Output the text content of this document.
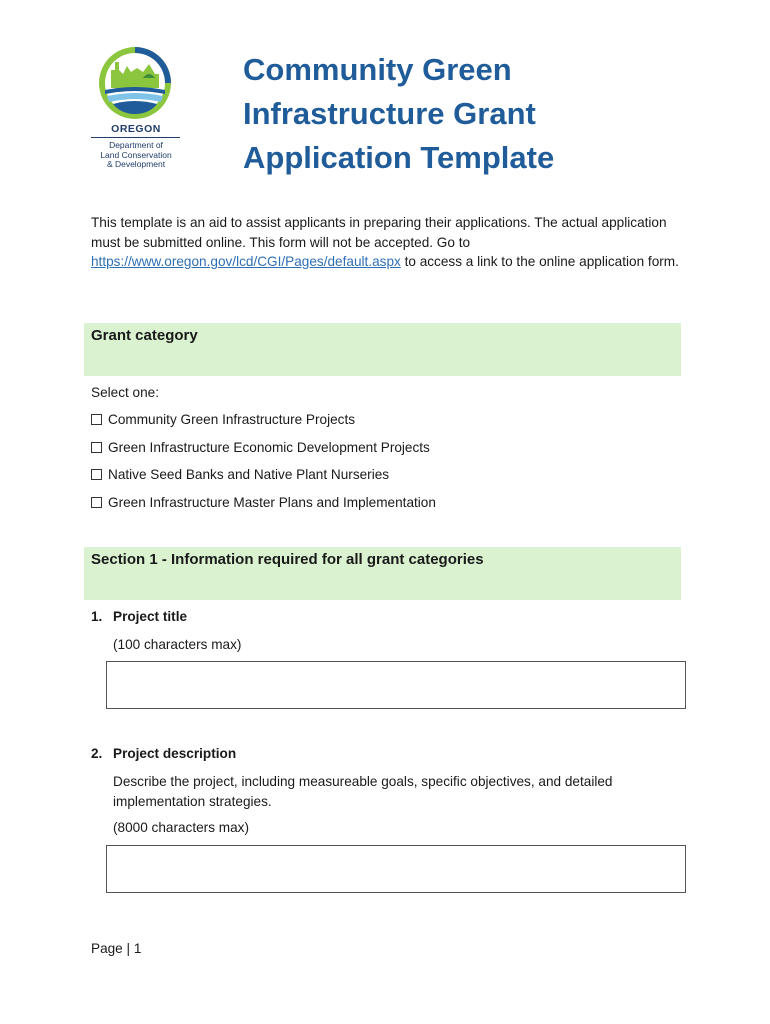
OREGON
Department of
Land Conservation
& Development
Community Green
Infrastructure Grant
Application Template

This template is an aid to assist applicants in preparing their applications. The actual application must be submitted online. This form will not be accepted. Go to https://www.oregon.gov/lcd/CGI/Pages/default.aspx to access a link to the online application form.

Grant category
Select one:
Community Green Infrastructure Projects
Green Infrastructure Economic Development Projects
Native Seed Banks and Native Plant Nurseries
Green Infrastructure Master Plans and Implementation
Section 1 - Information required for all grant categories
1. Project title

(100 characters max)

2. Project description

Describe the project, including measureable goals, specific objectives, and detailed implementation strategies.

(8000 characters max)

Page | 1
